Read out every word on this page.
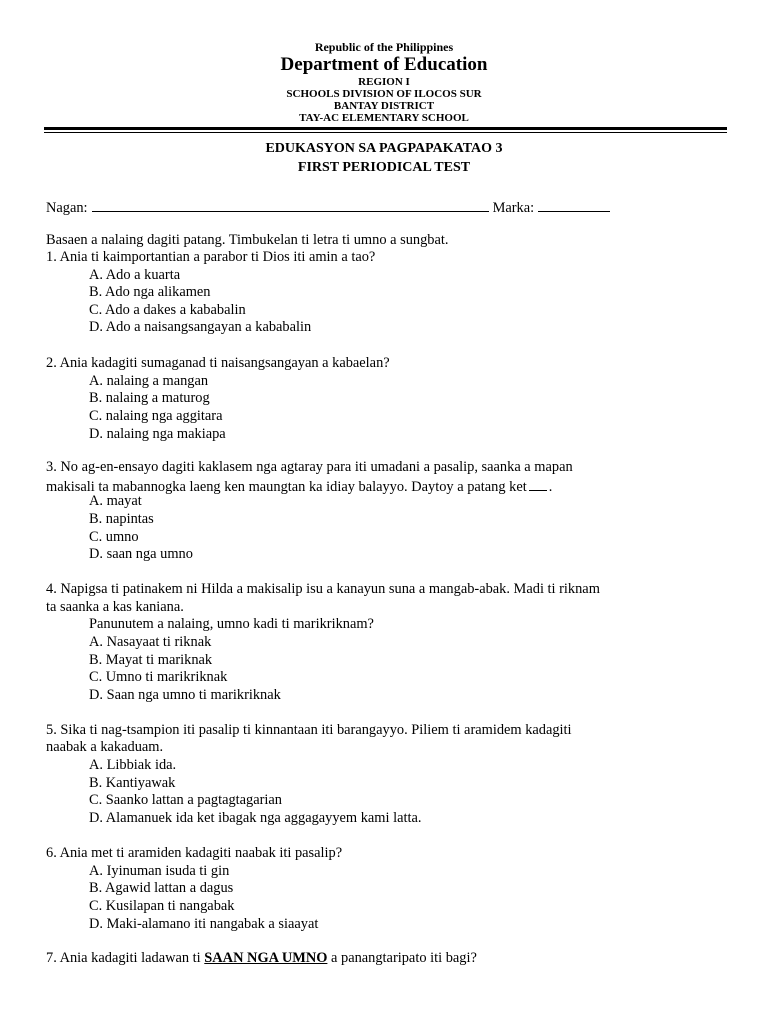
Republic of the Philippines
Department of Education
REGION I
SCHOOLS DIVISION OF ILOCOS SUR
BANTAY DISTRICT
TAY-AC ELEMENTARY SCHOOL
EDUKASYON SA PAGPAPAKATAO 3
FIRST PERIODICAL TEST
Nagan:	Marka:
Basaen a nalaing dagiti patang. Timbukelan ti letra ti umno a sungbat.
1. Ania ti kaimportantian a parabor ti Dios iti amin a tao?
A. Ado a kuarta
B. Ado nga alikamen
C. Ado a dakes a kababalin
D. Ado a naisangsangayan a kababalin
2. Ania kadagiti sumaganad ti naisangsangayan a kabaelan?
A. nalaing a mangan
B. nalaing a maturog
C. nalaing nga aggitara
D. nalaing nga makiapa
3. No ag-en-ensayo dagiti kaklasem nga agtaray para iti umadani a pasalip, saanka a mapan
makisali ta mabannogka laeng ken maungtan ka idiay balayyo. Daytoy a patang ket .
A. mayat
B. napintas
C. umno
D. saan nga umno
4. Napigsa ti patinakem ni Hilda a makisalip isu a kanayun suna a mangab-abak. Madi ti riknam
ta saanka a kas kaniana.
Panunutem a nalaing, umno kadi ti marikriknam?
A. Nasayaat ti riknak
B. Mayat ti mariknak
C. Umno ti marikriknak
D. Saan nga umno ti marikriknak
5. Sika ti nag-tsampion iti pasalip ti kinnantaan iti barangayyo. Piliem ti aramidem kadagiti
naabak a kakaduam.
A. Libbiak ida.
B. Kantiyawak
C. Saanko lattan a pagtagtagarian
D. Alamanuek ida ket ibagak nga aggagayyem kami latta.
6. Ania met ti aramiden kadagiti naabak iti pasalip?
A. Iyinuman isuda ti gin
B. Agawid lattan a dagus
C. Kusilapan ti nangabak
D. Maki-alamano iti nangabak a siaayat
7. Ania kadagiti ladawan ti SAAN NGA UMNO a panangtaripato iti bagi?
